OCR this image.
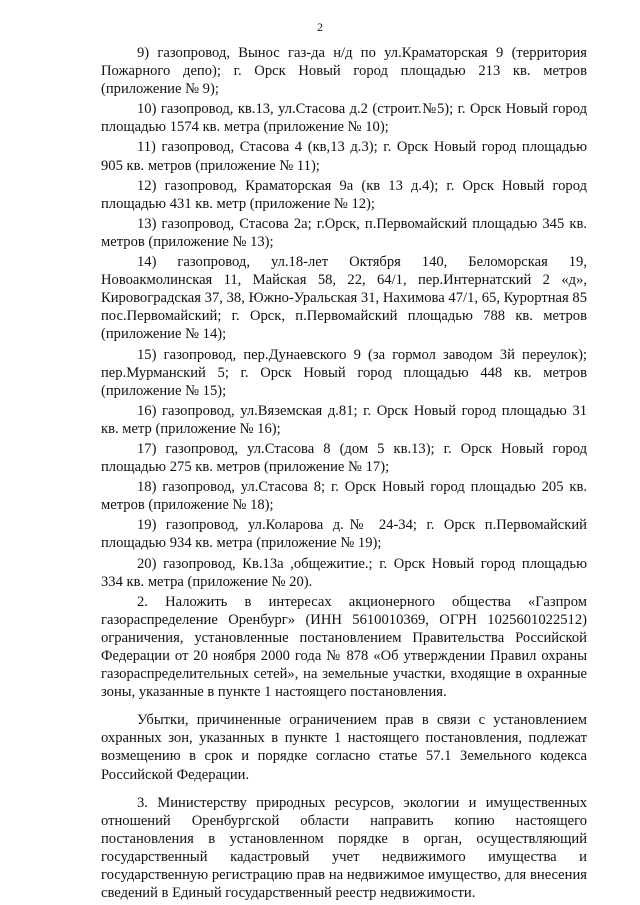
2

9) газопровод, Вынос газ-да н/д по ул.Краматорская 9 (территория Пожарного депо); г. Орск Новый город площадью 213 кв. метров (приложение № 9);

10) газопровод, кв.13, ул.Стасова д.2 (строит.№5); г. Орск Новый город площадью 1574 кв. метра (приложение № 10);

11) газопровод, Стасова 4 (кв,13 д.3); г. Орск Новый город площадью 905 кв. метров (приложение № 11);

12) газопровод, Краматорская 9а (кв 13 д.4); г. Орск Новый город площадью 431 кв. метр (приложение № 12);

13) газопровод, Стасова 2а; г.Орск, п.Первомайский площадью 345 кв. метров (приложение № 13);

14) газопровод, ул.18-лет Октября 140, Беломорская 19, Новоакмолинская 11, Майская 58, 22, 64/1, пер.Интернатский 2 «д», Кировоградская 37, 38, Южно-Уральская 31, Нахимова 47/1, 65, Курортная 85 пос.Первомайский; г. Орск, п.Первомайский площадью 788 кв. метров (приложение № 14);

15) газопровод, пер.Дунаевского 9 (за гормол заводом 3й переулок); пер.Мурманский 5; г. Орск Новый город площадью 448 кв. метров (приложение № 15);

16) газопровод, ул.Вяземская д.81; г. Орск Новый город площадью 31 кв. метр (приложение № 16);

17) газопровод, ул.Стасова 8 (дом 5 кв.13); г. Орск Новый город площадью 275 кв. метров (приложение № 17);

18) газопровод, ул.Стасова 8; г. Орск Новый город площадью 205 кв. метров (приложение № 18);

19) газопровод, ул.Коларова д.№ 24-34; г. Орск п.Первомайский площадью 934 кв. метра (приложение № 19);

20) газопровод, Кв.13а ,общежитие.; г. Орск Новый город площадью 334 кв. метра (приложение № 20).

2. Наложить в интересах акционерного общества «Газпром газораспределение Оренбург» (ИНН 5610010369, ОГРН 1025601022512) ограничения, установленные постановлением Правительства Российской Федерации от 20 ноября 2000 года № 878 «Об утверждении Правил охраны газораспределительных сетей», на земельные участки, входящие в охранные зоны, указанные в пункте 1 настоящего постановления.

Убытки, причиненные ограничением прав в связи с установлением охранных зон, указанных в пункте 1 настоящего постановления, подлежат возмещению в срок и порядке согласно статье 57.1 Земельного кодекса Российской Федерации.

3. Министерству природных ресурсов, экологии и имущественных отношений Оренбургской области направить копию настоящего постановления в установленном порядке в орган, осуществляющий государственный кадастровый учет недвижимого имущества и государственную регистрацию прав на недвижимое имущество, для внесения сведений в Единый государственный реестр недвижимости.
